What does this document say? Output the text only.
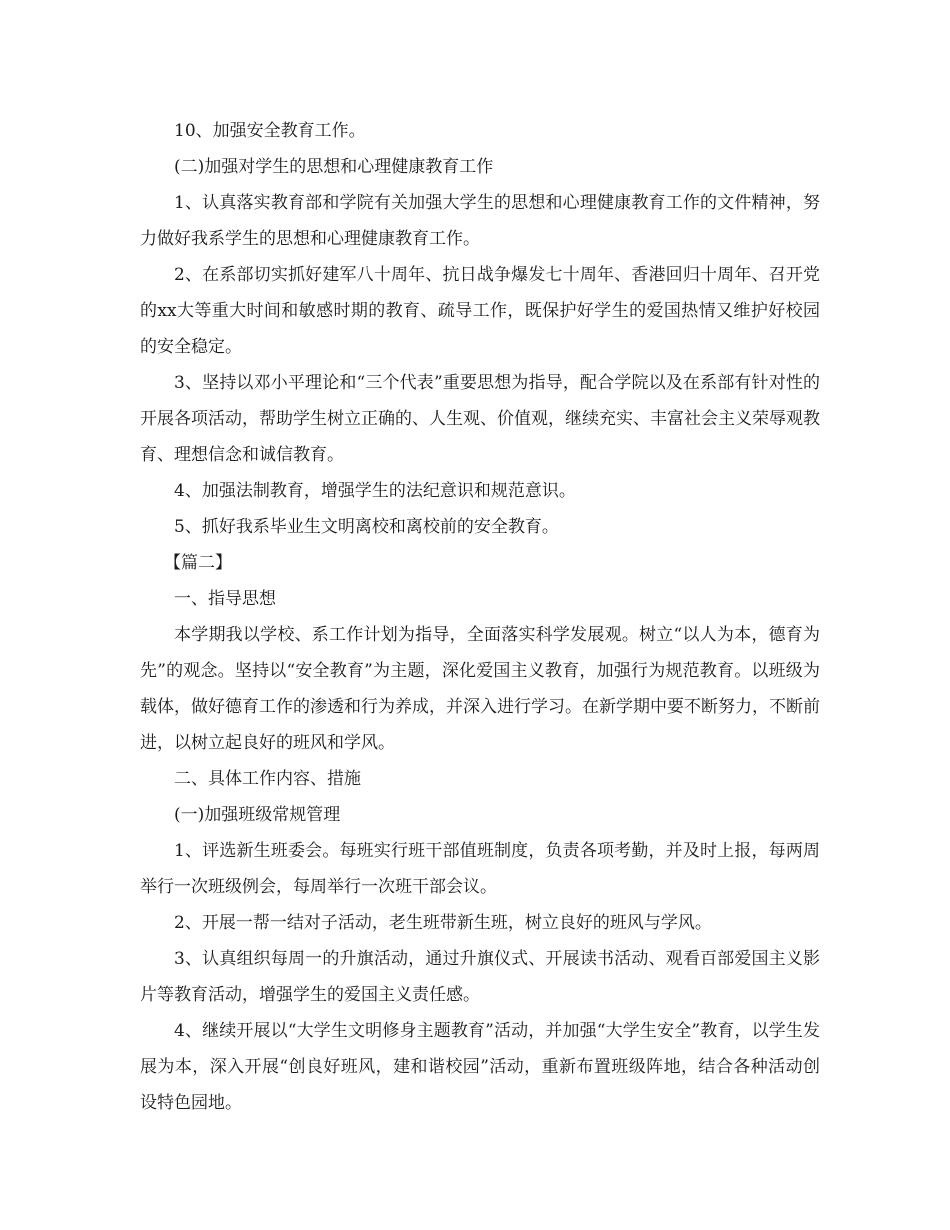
10、加强安全教育工作。

(二)加强对学生的思想和心理健康教育工作

1、认真落实教育部和学院有关加强大学生的思想和心理健康教育工作的文件精神，努力做好我系学生的思想和心理健康教育工作。

2、在系部切实抓好建军八十周年、抗日战争爆发七十周年、香港回归十周年、召开党的xx大等重大时间和敏感时期的教育、疏导工作，既保护好学生的爱国热情又维护好校园的安全稳定。

3、坚持以邓小平理论和“三个代表”重要思想为指导，配合学院以及在系部有针对性的开展各项活动，帮助学生树立正确的、人生观、价值观，继续充实、丰富社会主义荣辱观教育、理想信念和诚信教育。

4、加强法制教育，增强学生的法纪意识和规范意识。

5、抓好我系毕业生文明离校和离校前的安全教育。

【篇二】

一、指导思想

本学期我以学校、系工作计划为指导，全面落实科学发展观。树立“以人为本，德育为先”的观念。坚持以“安全教育”为主题，深化爱国主义教育，加强行为规范教育。以班级为载体，做好德育工作的渗透和行为养成，并深入进行学习。在新学期中要不断努力，不断前进，以树立起良好的班风和学风。

二、具体工作内容、措施

(一)加强班级常规管理

1、评选新生班委会。每班实行班干部值班制度，负责各项考勤，并及时上报，每两周举行一次班级例会，每周举行一次班干部会议。

2、开展一帮一结对子活动，老生班带新生班，树立良好的班风与学风。

3、认真组织每周一的升旗活动，通过升旗仪式、开展读书活动、观看百部爱国主义影片等教育活动，增强学生的爱国主义责任感。

4、继续开展以“大学生文明修身主题教育”活动，并加强“大学生安全”教育，以学生发展为本，深入开展“创良好班风，建和谐校园”活动，重新布置班级阵地，结合各种活动创设特色园地。
